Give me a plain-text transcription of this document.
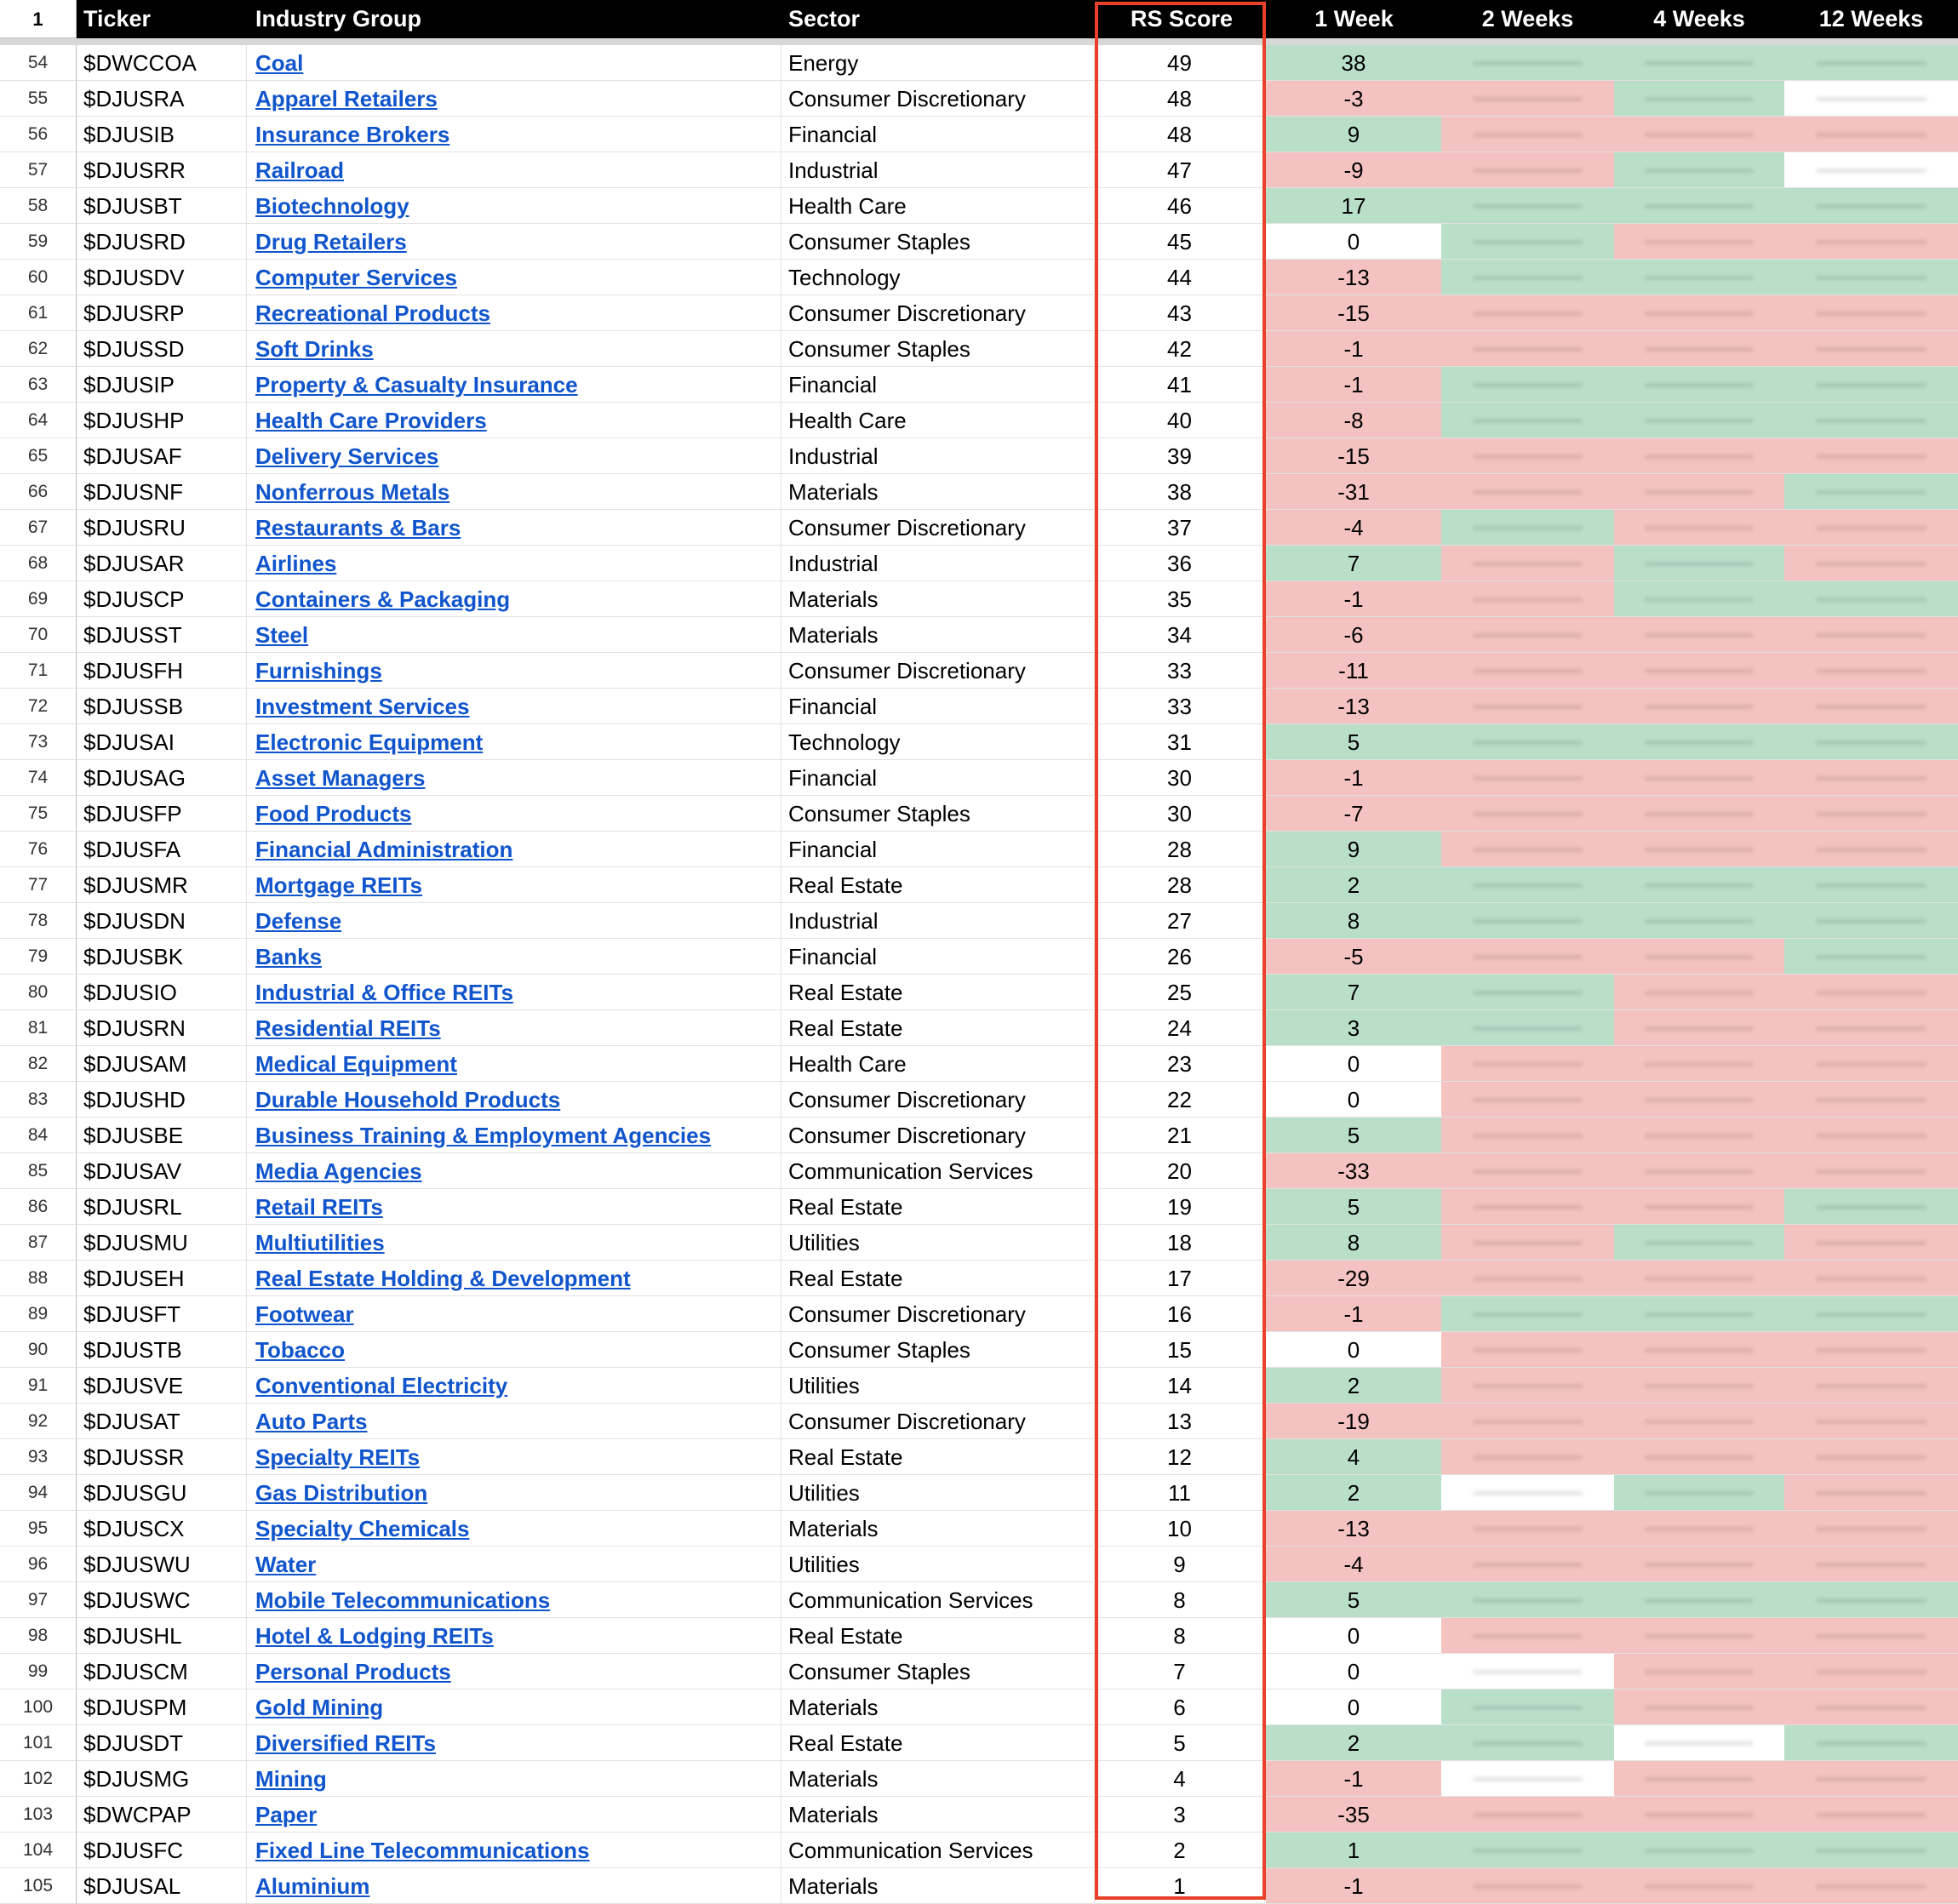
1	Ticker	Industry Group	Sector	RS Score	1 Week	2 Weeks	4 Weeks	12 Weeks
54	$DWCCOA	Coal	Energy	49	38
55	$DJUSRA	Apparel Retailers	Consumer Discretionary	48	-3
56	$DJUSIB	Insurance Brokers	Financial	48	9
57	$DJUSRR	Railroad	Industrial	47	-9
58	$DJUSBT	Biotechnology	Health Care	46	17
59	$DJUSRD	Drug Retailers	Consumer Staples	45	0
60	$DJUSDV	Computer Services	Technology	44	-13
61	$DJUSRP	Recreational Products	Consumer Discretionary	43	-15
62	$DJUSSD	Soft Drinks	Consumer Staples	42	-1
63	$DJUSIP	Property & Casualty Insurance	Financial	41	-1
64	$DJUSHP	Health Care Providers	Health Care	40	-8
65	$DJUSAF	Delivery Services	Industrial	39	-15
66	$DJUSNF	Nonferrous Metals	Materials	38	-31
67	$DJUSRU	Restaurants & Bars	Consumer Discretionary	37	-4
68	$DJUSAR	Airlines	Industrial	36	7
69	$DJUSCP	Containers & Packaging	Materials	35	-1
70	$DJUSST	Steel	Materials	34	-6
71	$DJUSFH	Furnishings	Consumer Discretionary	33	-11
72	$DJUSSB	Investment Services	Financial	33	-13
73	$DJUSAI	Electronic Equipment	Technology	31	5
74	$DJUSAG	Asset Managers	Financial	30	-1
75	$DJUSFP	Food Products	Consumer Staples	30	-7
76	$DJUSFA	Financial Administration	Financial	28	9
77	$DJUSMR	Mortgage REITs	Real Estate	28	2
78	$DJUSDN	Defense	Industrial	27	8
79	$DJUSBK	Banks	Financial	26	-5
80	$DJUSIO	Industrial & Office REITs	Real Estate	25	7
81	$DJUSRN	Residential REITs	Real Estate	24	3
82	$DJUSAM	Medical Equipment	Health Care	23	0
83	$DJUSHD	Durable Household Products	Consumer Discretionary	22	0
84	$DJUSBE	Business Training & Employment Agencies	Consumer Discretionary	21	5
85	$DJUSAV	Media Agencies	Communication Services	20	-33
86	$DJUSRL	Retail REITs	Real Estate	19	5
87	$DJUSMU	Multiutilities	Utilities	18	8
88	$DJUSEH	Real Estate Holding & Development	Real Estate	17	-29
89	$DJUSFT	Footwear	Consumer Discretionary	16	-1
90	$DJUSTB	Tobacco	Consumer Staples	15	0
91	$DJUSVE	Conventional Electricity	Utilities	14	2
92	$DJUSAT	Auto Parts	Consumer Discretionary	13	-19
93	$DJUSSR	Specialty REITs	Real Estate	12	4
94	$DJUSGU	Gas Distribution	Utilities	11	2
95	$DJUSCX	Specialty Chemicals	Materials	10	-13
96	$DJUSWU	Water	Utilities	9	-4
97	$DJUSWC	Mobile Telecommunications	Communication Services	8	5
98	$DJUSHL	Hotel & Lodging REITs	Real Estate	8	0
99	$DJUSCM	Personal Products	Consumer Staples	7	0
100	$DJUSPM	Gold Mining	Materials	6	0
101	$DJUSDT	Diversified REITs	Real Estate	5	2
102	$DJUSMG	Mining	Materials	4	-1
103	$DWCPAP	Paper	Materials	3	-35
104	$DJUSFC	Fixed Line Telecommunications	Communication Services	2	1
105	$DJUSAL	Aluminium	Materials	1	-1
